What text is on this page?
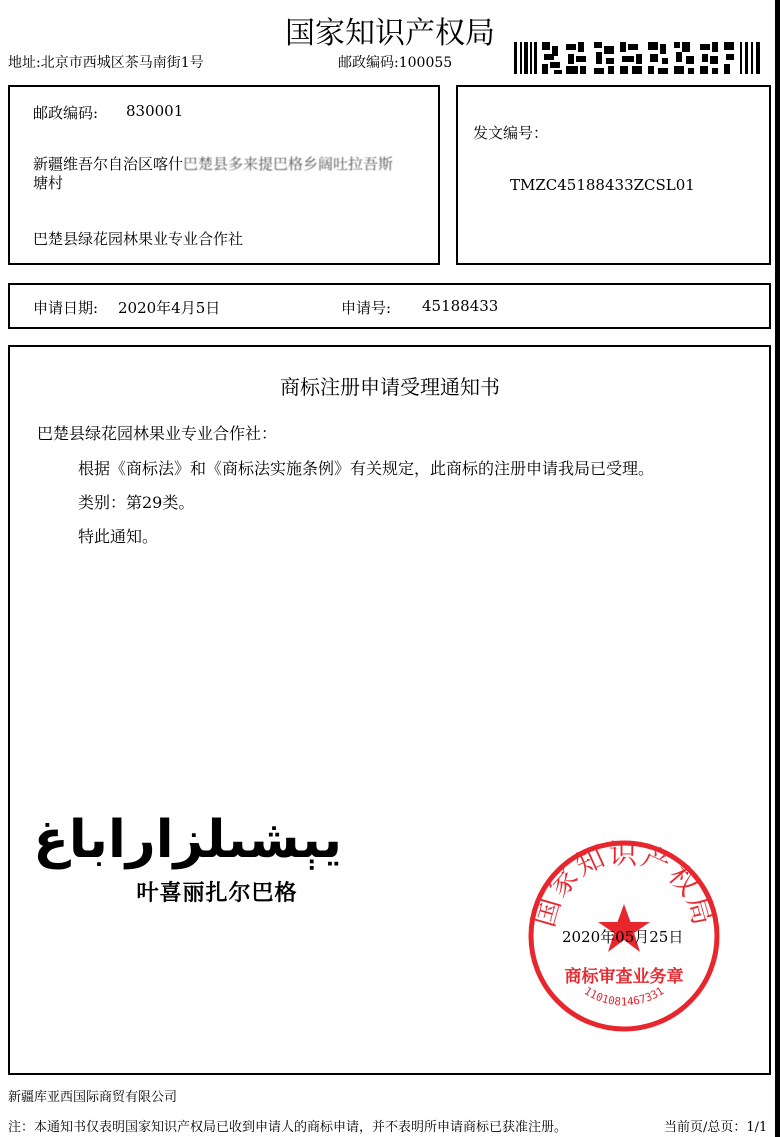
国家知识产权局
地址:北京市西城区茶马南街1号	邮政编码:100055
邮政编码: 830001
新疆维吾尔自治区喀什巴楚县多来提巴格乡阔吐拉吾斯
塘村
巴楚县绿花园林果业专业合作社
发文编号：
TMZC45188433ZCSL01
申请日期: 2020年4月5日	申请号: 45188433
商标注册申请受理通知书
巴楚县绿花园林果业专业合作社：
根据《商标法》和《商标法实施条例》有关规定，此商标的注册申请我局已受理。
类别：第29类。
特此通知。
يېشىلزاراباغ
叶喜丽扎尔巴格	国家知识产权局
商标审查业务章
1101081467331
2020年05月25日
新疆库亚西国际商贸有限公司
注：本通知书仅表明国家知识产权局已收到申请人的商标申请，并不表明所申请商标已获准注册。	当前页/总页：1/1
